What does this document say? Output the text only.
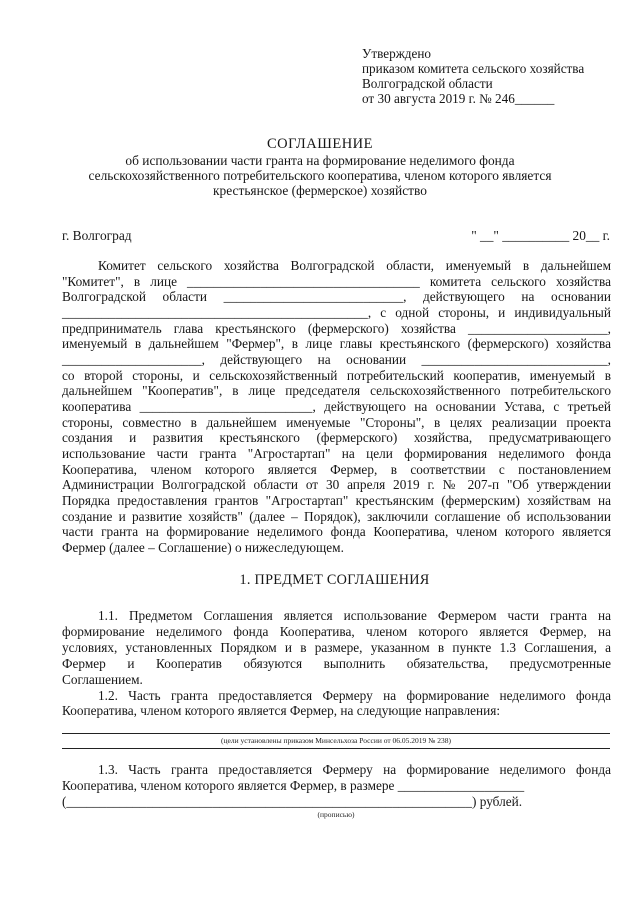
Утверждено
приказом комитета сельского хозяйства
Волгоградской области
от 30 августа 2019 г. № 246______
СОГЛАШЕНИЕ
об использовании части гранта на формирование неделимого фонда
сельскохозяйственного потребительского кооператива, членом которого является
крестьянское (фермерское) хозяйство
г. Волгоград	" __" __________ 20__ г.
Комитет сельского хозяйства Волгоградской области, именуемый в дальнейшем
"Комитет", в лице ___________________________________ комитета сельского хозяйства
Волгоградской области ___________________________, действующего на основании
______________________________________________, с одной стороны, и индивидуальный
предприниматель глава крестьянского (фермерского) хозяйства _____________________,
именуемый в дальнейшем "Фермер", в лице главы крестьянского (фермерского) хозяйства
_____________________, действующего на основании ____________________________,
со второй стороны, и сельскохозяйственный потребительский кооператив, именуемый в
дальнейшем "Кооператив", в лице председателя сельскохозяйственного потребительского
кооператива __________________________, действующего на основании Устава, с третьей
стороны, совместно в дальнейшем именуемые "Стороны", в целях реализации проекта
создания и развития крестьянского (фермерского) хозяйства, предусматривающего
использование части гранта "Агростартап" на цели формирования неделимого фонда
Кооператива, членом которого является Фермер, в соответствии с постановлением
Администрации Волгоградской области от 30 апреля 2019 г. № 207-п "Об утверждении
Порядка предоставления грантов "Агростартап" крестьянским (фермерским) хозяйствам на
создание и развитие хозяйств" (далее – Порядок), заключили соглашение об использовании
части гранта на формирование неделимого фонда Кооператива, членом которого является
Фермер (далее – Соглашение) о нижеследующем.
1. ПРЕДМЕТ СОГЛАШЕНИЯ
1.1. Предметом Соглашения является использование Фермером части гранта на
формирование неделимого фонда Кооператива, членом которого является Фермер, на
условиях, установленных Порядком и в размере, указанном в пункте 1.3 Соглашения, а
Фермер и Кооператив обязуются выполнить обязательства, предусмотренные
Соглашением.
1.2. Часть гранта предоставляется Фермеру на формирование неделимого фонда
Кооператива, членом которого является Фермер, на следующие направления:
(цели установлены приказом Минсельхоза России от 06.05.2019 № 238)
1.3. Часть гранта предоставляется Фермеру на формирование неделимого фонда
Кооператива, членом которого является Фермер, в размере ___________________
(_____________________________________________________________) рублей.
(прописью)
